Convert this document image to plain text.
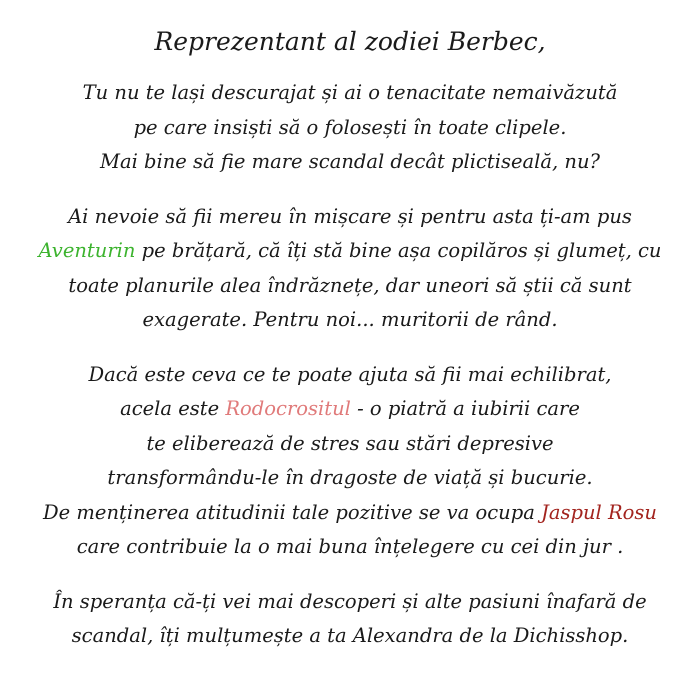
Reprezentant al zodiei Berbec,
Tu nu te lași descurajat și ai o tenacitate nemaivăzută
pe care insiști să o folosești în toate clipele.
Mai bine să fie mare scandal decât plictiseală, nu?
Ai nevoie să fii mereu în mișcare și pentru asta ți-am pus
Aventurin pe brățară, că îți stă bine așa copilăros și glumeț, cu
toate planurile alea îndrăznețe, dar uneori să știi că sunt
exagerate. Pentru noi... muritorii de rând.
Dacă este ceva ce te poate ajuta să fii mai echilibrat,
acela este Rodocrositul - o piatră a iubirii care
te eliberează de stres sau stări depresive
transformându-le în dragoste de viață și bucurie.
De menținerea atitudinii tale pozitive se va ocupa Jaspul Rosu
care contribuie la o mai buna înțelegere cu cei din jur .
În speranța că-ți vei mai descoperi și alte pasiuni înafară de
scandal, îți mulțumește a ta Alexandra de la Dichisshop.
